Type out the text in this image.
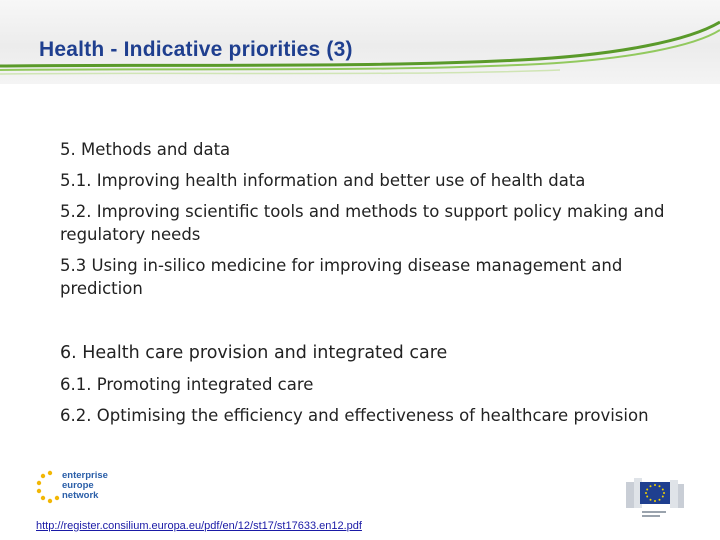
Health - Indicative priorities (3)
5. Methods and data
5.1. Improving health information and better use of health data
5.2. Improving scientific tools and methods to support policy making and regulatory needs
5.3 Using in-silico medicine for improving disease management and prediction
6. Health care provision and integrated care
6.1. Promoting integrated care
6.2. Optimising the efficiency and effectiveness of healthcare provision
enterprise
europe
network
http://register.consilium.europa.eu/pdf/en/12/st17/st17633.en12.pdf
